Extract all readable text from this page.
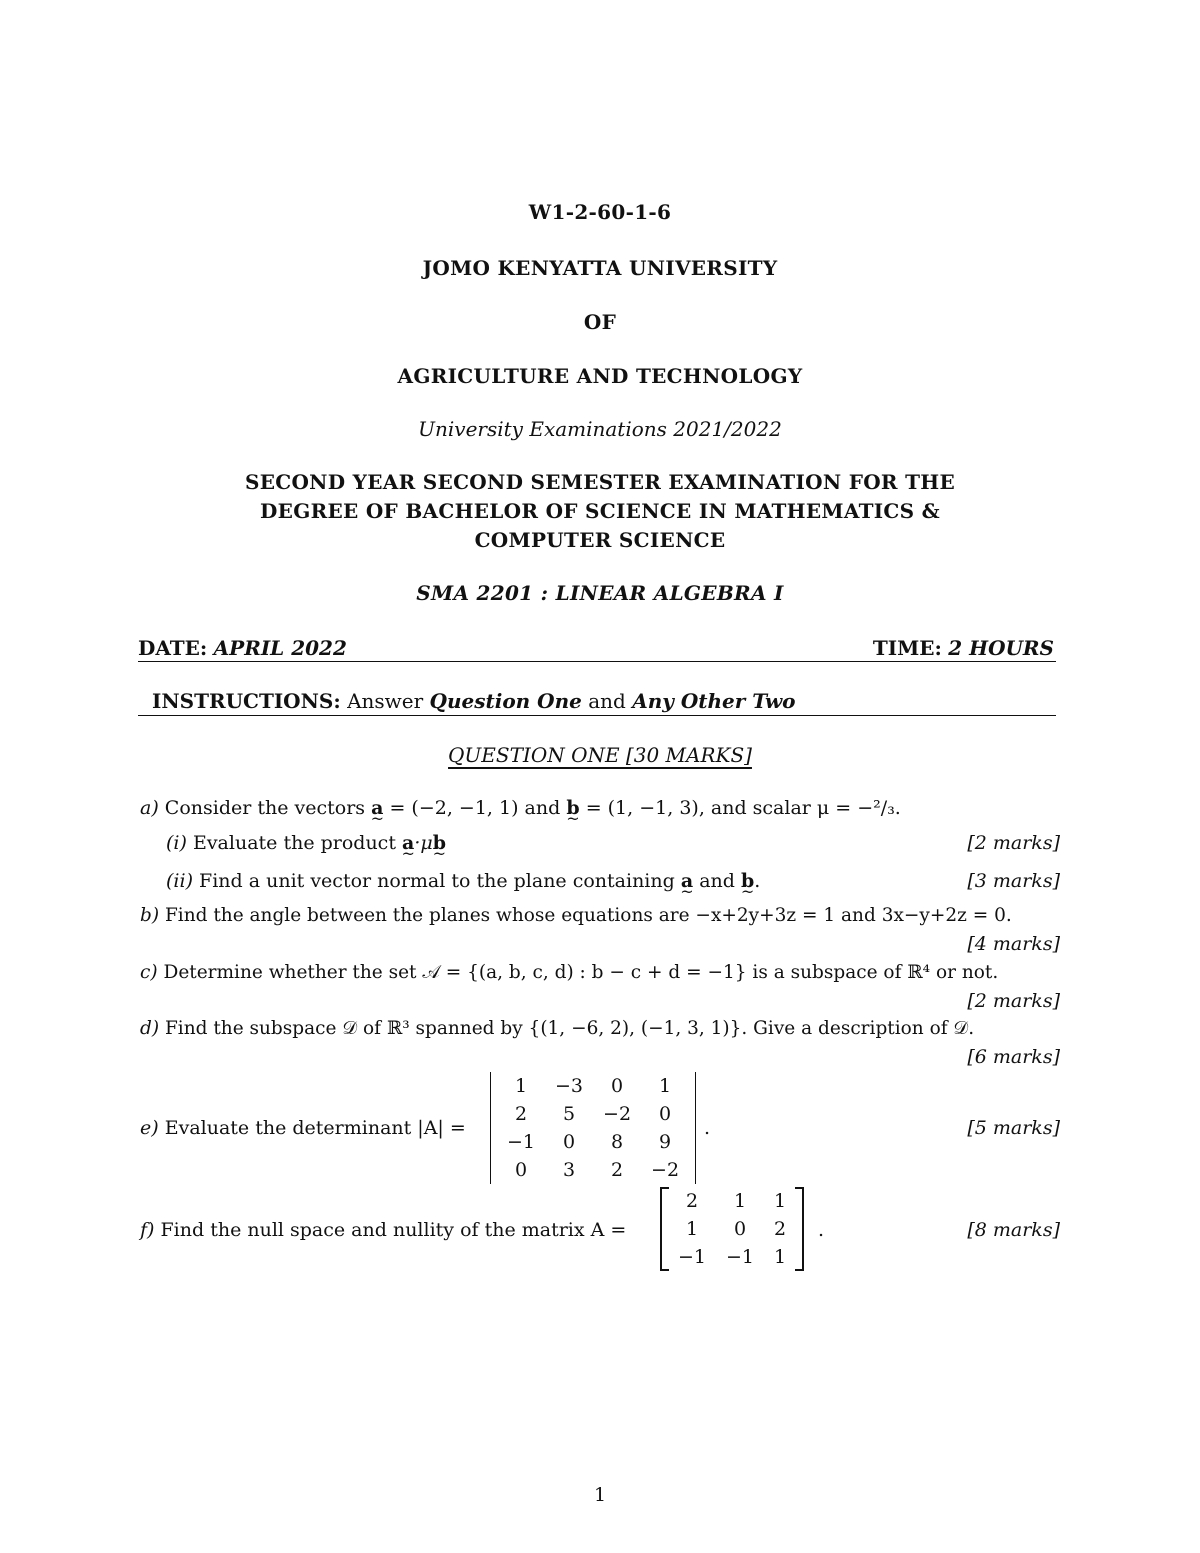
W1-2-60-1-6
JOMO KENYATTA UNIVERSITY
OF
AGRICULTURE AND TECHNOLOGY
University Examinations 2021/2022
SECOND YEAR SECOND SEMESTER EXAMINATION FOR THE
DEGREE OF BACHELOR OF SCIENCE IN MATHEMATICS &
COMPUTER SCIENCE
SMA 2201 : LINEAR ALGEBRA I
DATE: APRIL 2022	TIME: 2 HOURS
INSTRUCTIONS: Answer Question One and Any Other Two
QUESTION ONE [30 MARKS]
a) Consider the vectors a ~ = (−2, −1, 1) and b ~ = (1, −1, 3), and scalar μ = −²/₃.
(i) Evaluate the product a ~·μb ~	[2 marks]
(ii) Find a unit vector normal to the plane containing a ~ and b ~.	[3 marks]
b) Find the angle between the planes whose equations are −x+2y+3z = 1 and 3x−y+2z = 0.
[4 marks]
c) Determine whether the set 𝒜 = {(a, b, c, d) : b − c + d = −1} is a subspace of ℝ⁴ or not.
[2 marks]
d) Find the subspace 𝒟 of ℝ³ spanned by {(1, −6, 2), (−1, 3, 1)}. Give a description of 𝒟.
[6 marks]
e) Evaluate the determinant |A| =
1	−3	0	1
2	5	−2	0
−1	0	8	9
0	3	2	−2
.	[5 marks]
f) Find the null space and nullity of the matrix A =
2	1	1
1	0	2
−1	−1	1
.	[8 marks]
1
